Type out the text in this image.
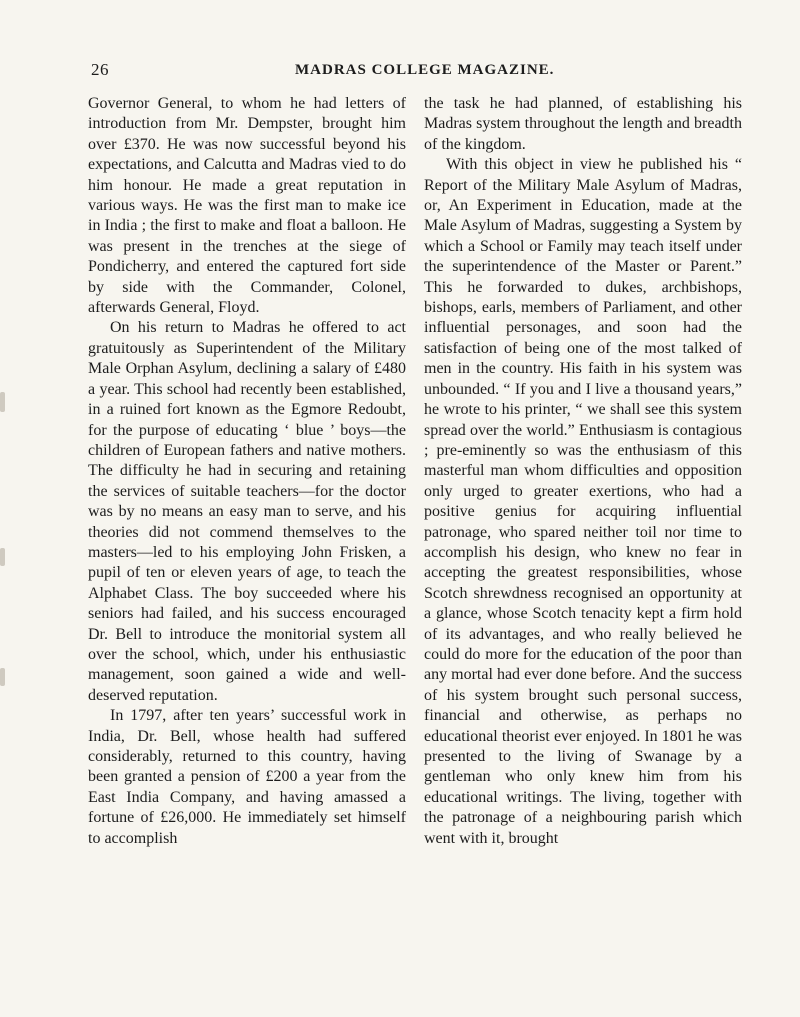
26	MADRAS COLLEGE MAGAZINE.

Governor General, to whom he had letters of introduction from Mr. Dempster, brought him over £370. He was now successful beyond his expectations, and Calcutta and Madras vied to do him honour. He made a great reputation in various ways. He was the first man to make ice in India ; the first to make and float a balloon. He was present in the trenches at the siege of Pondicherry, and entered the captured fort side by side with the Commander, Colonel, afterwards General, Floyd.

On his return to Madras he offered to act gratuitously as Superintendent of the Military Male Orphan Asylum, declining a salary of £480 a year. This school had recently been established, in a ruined fort known as the Egmore Redoubt, for the purpose of educating ‘ blue ’ boys—the children of European fathers and native mothers. The difficulty he had in securing and retaining the services of suitable teachers—for the doctor was by no means an easy man to serve, and his theories did not commend themselves to the masters—led to his employing John Frisken, a pupil of ten or eleven years of age, to teach the Alphabet Class. The boy succeeded where his seniors had failed, and his success encouraged Dr. Bell to introduce the monitorial system all over the school, which, under his enthusiastic management, soon gained a wide and well-deserved reputation.

In 1797, after ten years’ successful work in India, Dr. Bell, whose health had suffered considerably, returned to this country, having been granted a pension of £200 a year from the East India Company, and having amassed a fortune of £26,000. He immediately set himself to accomplish

the task he had planned, of establishing his Madras system throughout the length and breadth of the kingdom.

With this object in view he published his “ Report of the Military Male Asylum of Madras, or, An Experiment in Education, made at the Male Asylum of Madras, suggesting a System by which a School or Family may teach itself under the superintendence of the Master or Parent.” This he forwarded to dukes, archbishops, bishops, earls, members of Parliament, and other influential personages, and soon had the satisfaction of being one of the most talked of men in the country. His faith in his system was unbounded. “ If you and I live a thousand years,” he wrote to his printer, “ we shall see this system spread over the world.” Enthusiasm is contagious ; pre-eminently so was the enthusiasm of this masterful man whom difficulties and opposition only urged to greater exertions, who had a positive genius for acquiring influential patronage, who spared neither toil nor time to accomplish his design, who knew no fear in accepting the greatest responsibilities, whose Scotch shrewdness recognised an opportunity at a glance, whose Scotch tenacity kept a firm hold of its advantages, and who really believed he could do more for the education of the poor than any mortal had ever done before. And the success of his system brought such personal success, financial and otherwise, as perhaps no educational theorist ever enjoyed. In 1801 he was presented to the living of Swanage by a gentleman who only knew him from his educational writings. The living, together with the patronage of a neighbouring parish which went with it, brought
